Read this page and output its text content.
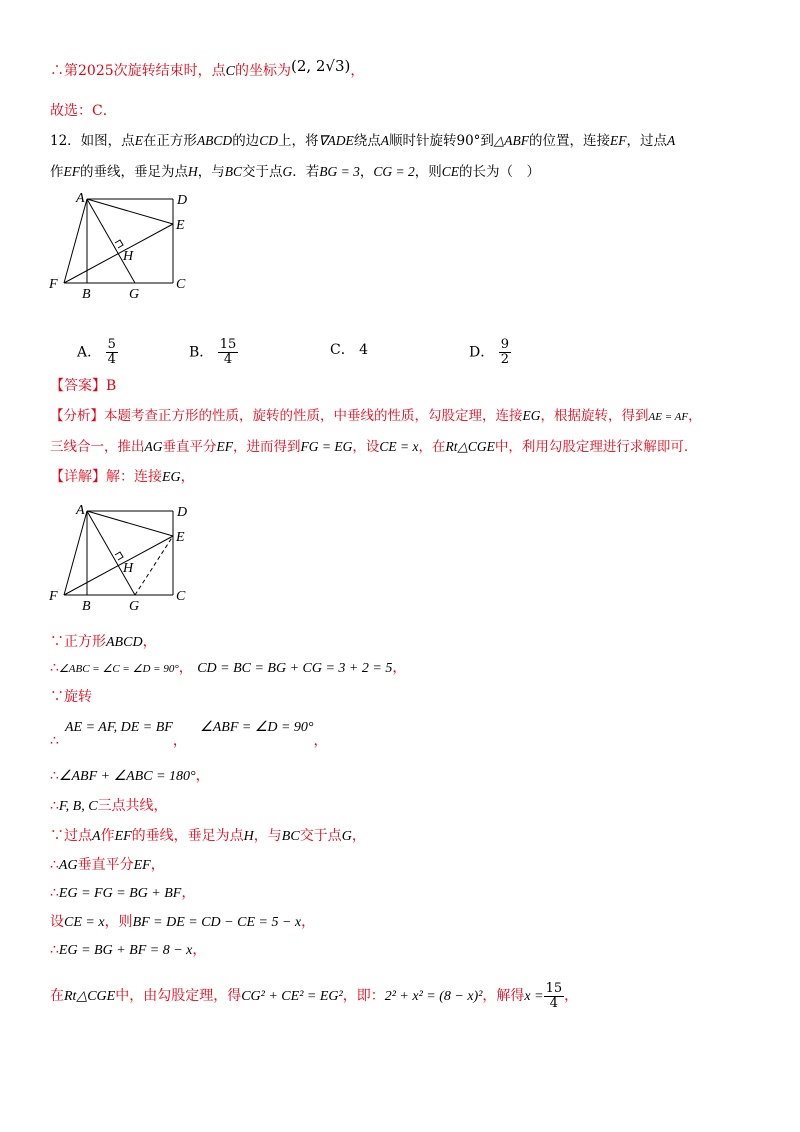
∴第2025次旋转结束时，点C的坐标为(2, 2√3)，
故选：C．
12．如图，点E在正方形ABCD的边CD上，将∇ADE绕点A顺时针旋转90°到△ABF的位置，连接EF，过点A
作EF的垂线，垂足为点H，与BC交于点G．若BG = 3，CG = 2，则CE的长为（　）
A	D
E
H
F
B	G
C
A． $\frac{5}{4}$	B． $\frac{15}{4}$	C． 4	D． $\frac{9}{2}$
【答案】B
【分析】本题考查正方形的性质，旋转的性质，中垂线的性质，勾股定理，连接EG，根据旋转，得到AE = AF，
三线合一，推出AG垂直平分EF，进而得到FG = EG，设CE = x，在Rt△CGE中，利用勾股定理进行求解即可．
【详解】解：连接EG，
A	D
E
H
F
B	G
C
∵正方形ABCD，
∴∠ABC = ∠C = ∠D = 90°， CD = BC = BG + CG = 3 + 2 = 5，
∵旋转
∴
AE = AF, DE = BF，   ∠ABF = ∠D = 90°，
∴∠ABF + ∠ABC = 180°，
∴F, B, C三点共线，
∵过点A作EF的垂线，垂足为点H，与BC交于点G，
∴AG垂直平分EF，
∴EG = FG = BG + BF，
设CE = x，则BF = DE = CD − CE = 5 − x，
∴EG = BG + BF = 8 − x，
在Rt△CGE中，由勾股定理，得CG² + CE² = EG²，即：2² + x² = (8 − x)²，解得$x = \frac{15}{4}$ ，
